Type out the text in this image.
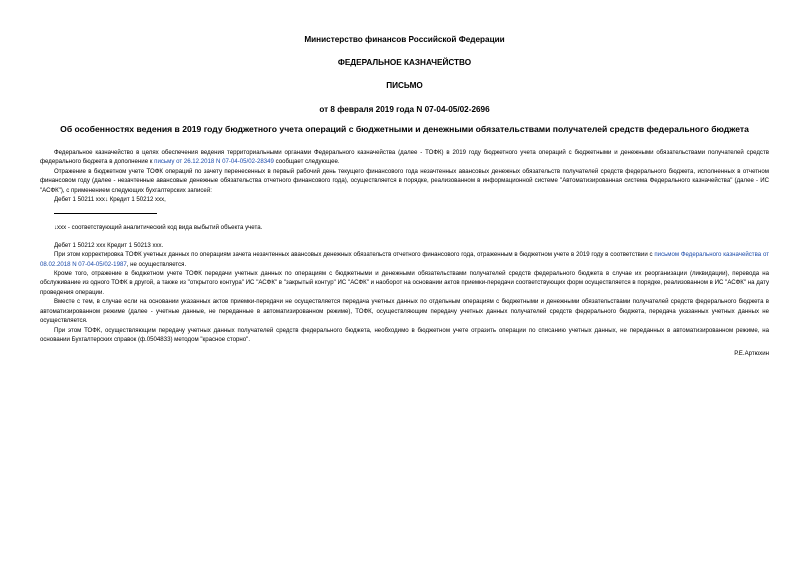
Министерство финансов Российской Федерации

ФЕДЕРАЛЬНОЕ КАЗНАЧЕЙСТВО

ПИСЬМО

от 8 февраля 2019 года N 07-04-05/02-2696

Об особенностях ведения в 2019 году бюджетного учета операций с бюджетными и денежными обязательствами получателей средств федерального бюджета

Федеральное казначейство в целях обеспечения ведения территориальными органами Федерального казначейства (далее - ТОФК) в 2019 году бюджетного учета операций с бюджетными и денежными обязательствами получателей средств федерального бюджета в дополнение к письму от 26.12.2018 N 07-04-05/02-28349 сообщает следующее.

Отражение в бюджетном учете ТОФК операций по зачету перенесенных в первый рабочий день текущего финансового года незачтенных авансовых денежных обязательств получателей средств федерального бюджета, исполненных в отчетном финансовом году (далее - незачтенные авансовые денежные обязательства отчетного финансового года), осуществляется в порядке, реализованном в информационной системе "Автоматизированная система Федерального казначейства" (далее - ИС "АСФК"), с применением следующих бухгалтерских записей:

Дебет 1 50211 ххх↓ Кредит 1 50212 ххх,

↓ххх - соответствующий аналитический код вида выбытий объекта учета.

Дебет 1 50212 ххх Кредит 1 50213 ххх.

При этом корректировка ТОФК учетных данных по операциям зачета незачтенных авансовых денежных обязательств отчетного финансового года, отраженным в бюджетном учете в 2019 году в соответствии с письмом Федерального казначейства от 08.02.2018 N 07-04-05/02-1987, не осуществляется.

Кроме того, отражение в бюджетном учете ТОФК передачи учетных данных по операциям с бюджетными и денежными обязательствами получателей средств федерального бюджета в случае их реорганизации (ликвидации), перевода на обслуживание из одного ТОФК в другой, а также из "открытого контура" ИС "АСФК" в "закрытый контур" ИС "АСФК" и наоборот на основании актов приемки-передачи соответствующих форм осуществляется в порядке, реализованном в ИС "АСФК" на дату проведения операции.

Вместе с тем, в случае если на основании указанных актов приемки-передачи не осуществляется передача учетных данных по отдельным операциям с бюджетными и денежными обязательствами получателей средств федерального бюджета в автоматизированном режиме (далее - учетные данные, не переданные в автоматизированном режиме), ТОФК, осуществляющим передачу учетных данных получателей средств федерального бюджета, передача указанных учетных данных не осуществляется.

При этом ТОФК, осуществляющим передачу учетных данных получателей средств федерального бюджета, необходимо в бюджетном учете отразить операции по списанию учетных данных, не переданных в автоматизированном режиме, на основании Бухгалтерских справок (ф.0504833) методом "красное сторно".

Р.Е.Артюхин
